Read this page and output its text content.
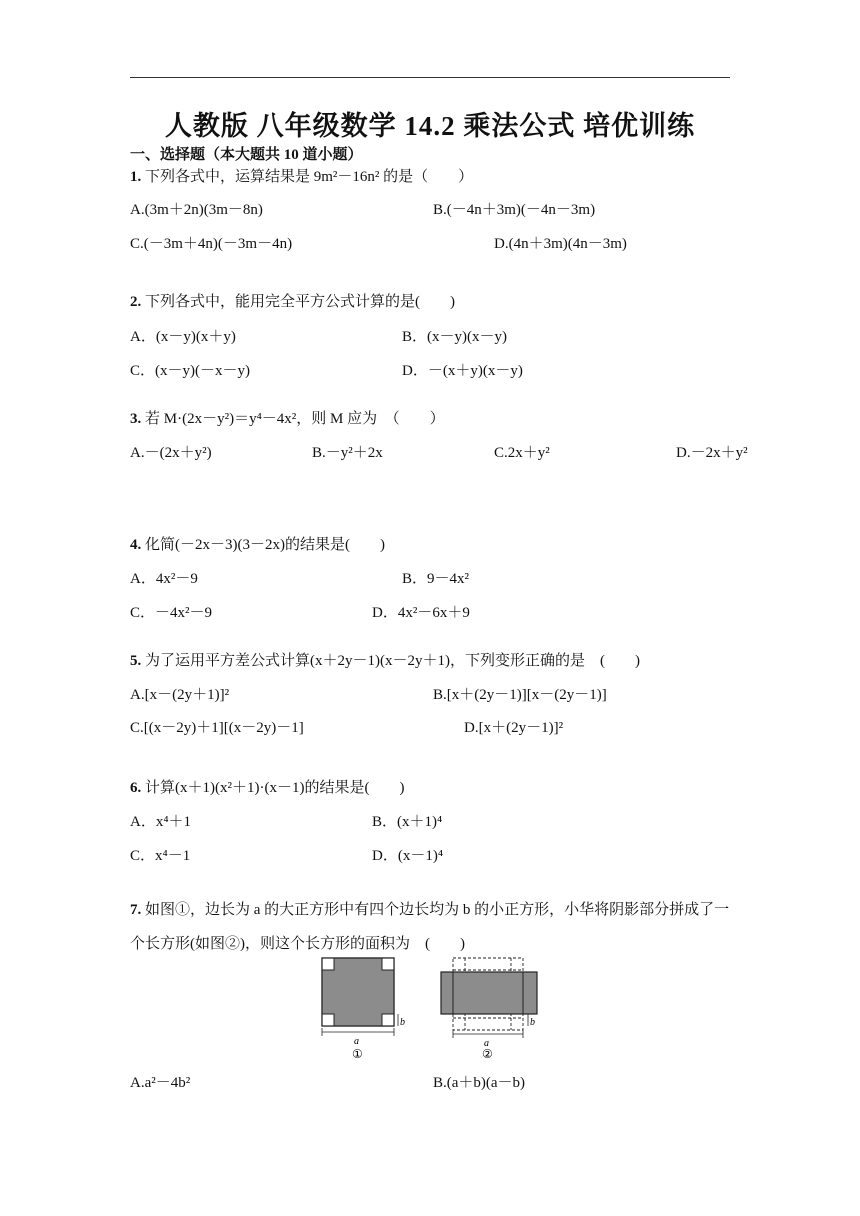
人教版 八年级数学 14.2 乘法公式 培优训练
一、选择题（本大题共 10 道小题）
1. 下列各式中，运算结果是 9m²－16n² 的是（　　）
A.(3m＋2n)(3m－8n)	B.(－4n＋3m)(－4n－3m)
C.(－3m＋4n)(－3m－4n)	D.(4n＋3m)(4n－3m)
2. 下列各式中，能用完全平方公式计算的是(　　)
A．(x－y)(x＋y)	B．(x－y)(x－y)
C．(x－y)(－x－y)	D．－(x＋y)(x－y)
3. 若 M·(2x－y²)＝y⁴－4x²，则 M 应为　（　　）
A.－(2x＋y²)	B.－y²＋2x	C.2x＋y²	D.－2x＋y²
4. 化简(－2x－3)(3－2x)的结果是(　　)
A．4x²－9	B．9－4x²
C．－4x²－9	D．4x²－6x＋9
5. 为了运用平方差公式计算(x＋2y－1)(x－2y＋1)，下列变形正确的是　(　　)
A.[x－(2y＋1)]²	B.[x＋(2y－1)][x－(2y－1)]
C.[(x－2y)＋1][(x－2y)－1]	D.[x＋(2y－1)]²
6. 计算(x＋1)(x²＋1)·(x－1)的结果是(　　)
A．x⁴＋1	B．(x＋1)⁴
C．x⁴－1	D．(x－1)⁴
7. 如图①，边长为 a 的大正方形中有四个边长均为 b 的小正方形，小华将阴影部分拼成了一个长方形(如图②)，则这个长方形的面积为　(　　)
a
b
①
a
b
②
A.a²－4b²	B.(a＋b)(a－b)
